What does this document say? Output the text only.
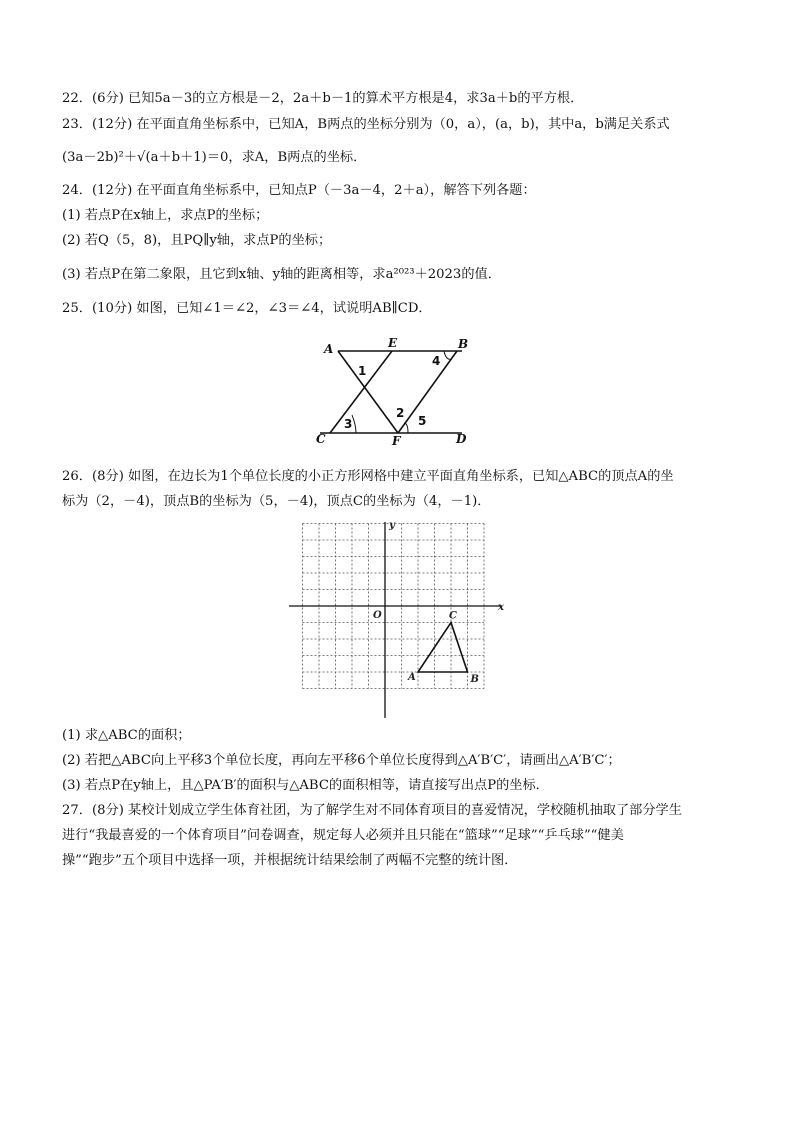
22．(6分) 已知5a－3的立方根是－2，2a＋b－1的算术平方根是4，求3a＋b的平方根．
23．(12分) 在平面直角坐标系中，已知A，B两点的坐标分别为（0，a），(a，b)，其中a，b满足关系式
(3a－2b)²＋√(a＋b＋1)＝0，求A，B两点的坐标．
24．(12分) 在平面直角坐标系中，已知点P（－3a－4，2＋a），解答下列各题：
(1) 若点P在x轴上，求点P的坐标；
(2) 若Q（5，8)，且PQ∥y轴，求点P的坐标；
(3) 若点P在第二象限，且它到x轴、y轴的距离相等，求a²⁰²³＋2023的值．
25．(10分) 如图，已知∠1＝∠2，∠3＝∠4，试说明AB∥CD．
A	E	B
C	F	D
1
2
3
4
5
26．(8分) 如图，在边长为1个单位长度的小正方形网格中建立平面直角坐标系，已知△ABC的顶点A的坐
标为（2，－4)，顶点B的坐标为（5，－4)，顶点C的坐标为（4，－1)．
x
y
O
A	B
C
(1) 求△ABC的面积；
(2) 若把△ABC向上平移3个单位长度，再向左平移6个单位长度得到△A′B′C′，请画出△A′B′C′；
(3) 若点P在y轴上，且△PA′B′的面积与△ABC的面积相等，请直接写出点P的坐标．
27．(8分) 某校计划成立学生体育社团，为了解学生对不同体育项目的喜爱情况，学校随机抽取了部分学生
进行“我最喜爱的一个体育项目”问卷调查，规定每人必须并且只能在“篮球”“足球”“乒乓球”“健美
操”“跑步”五个项目中选择一项，并根据统计结果绘制了两幅不完整的统计图．
